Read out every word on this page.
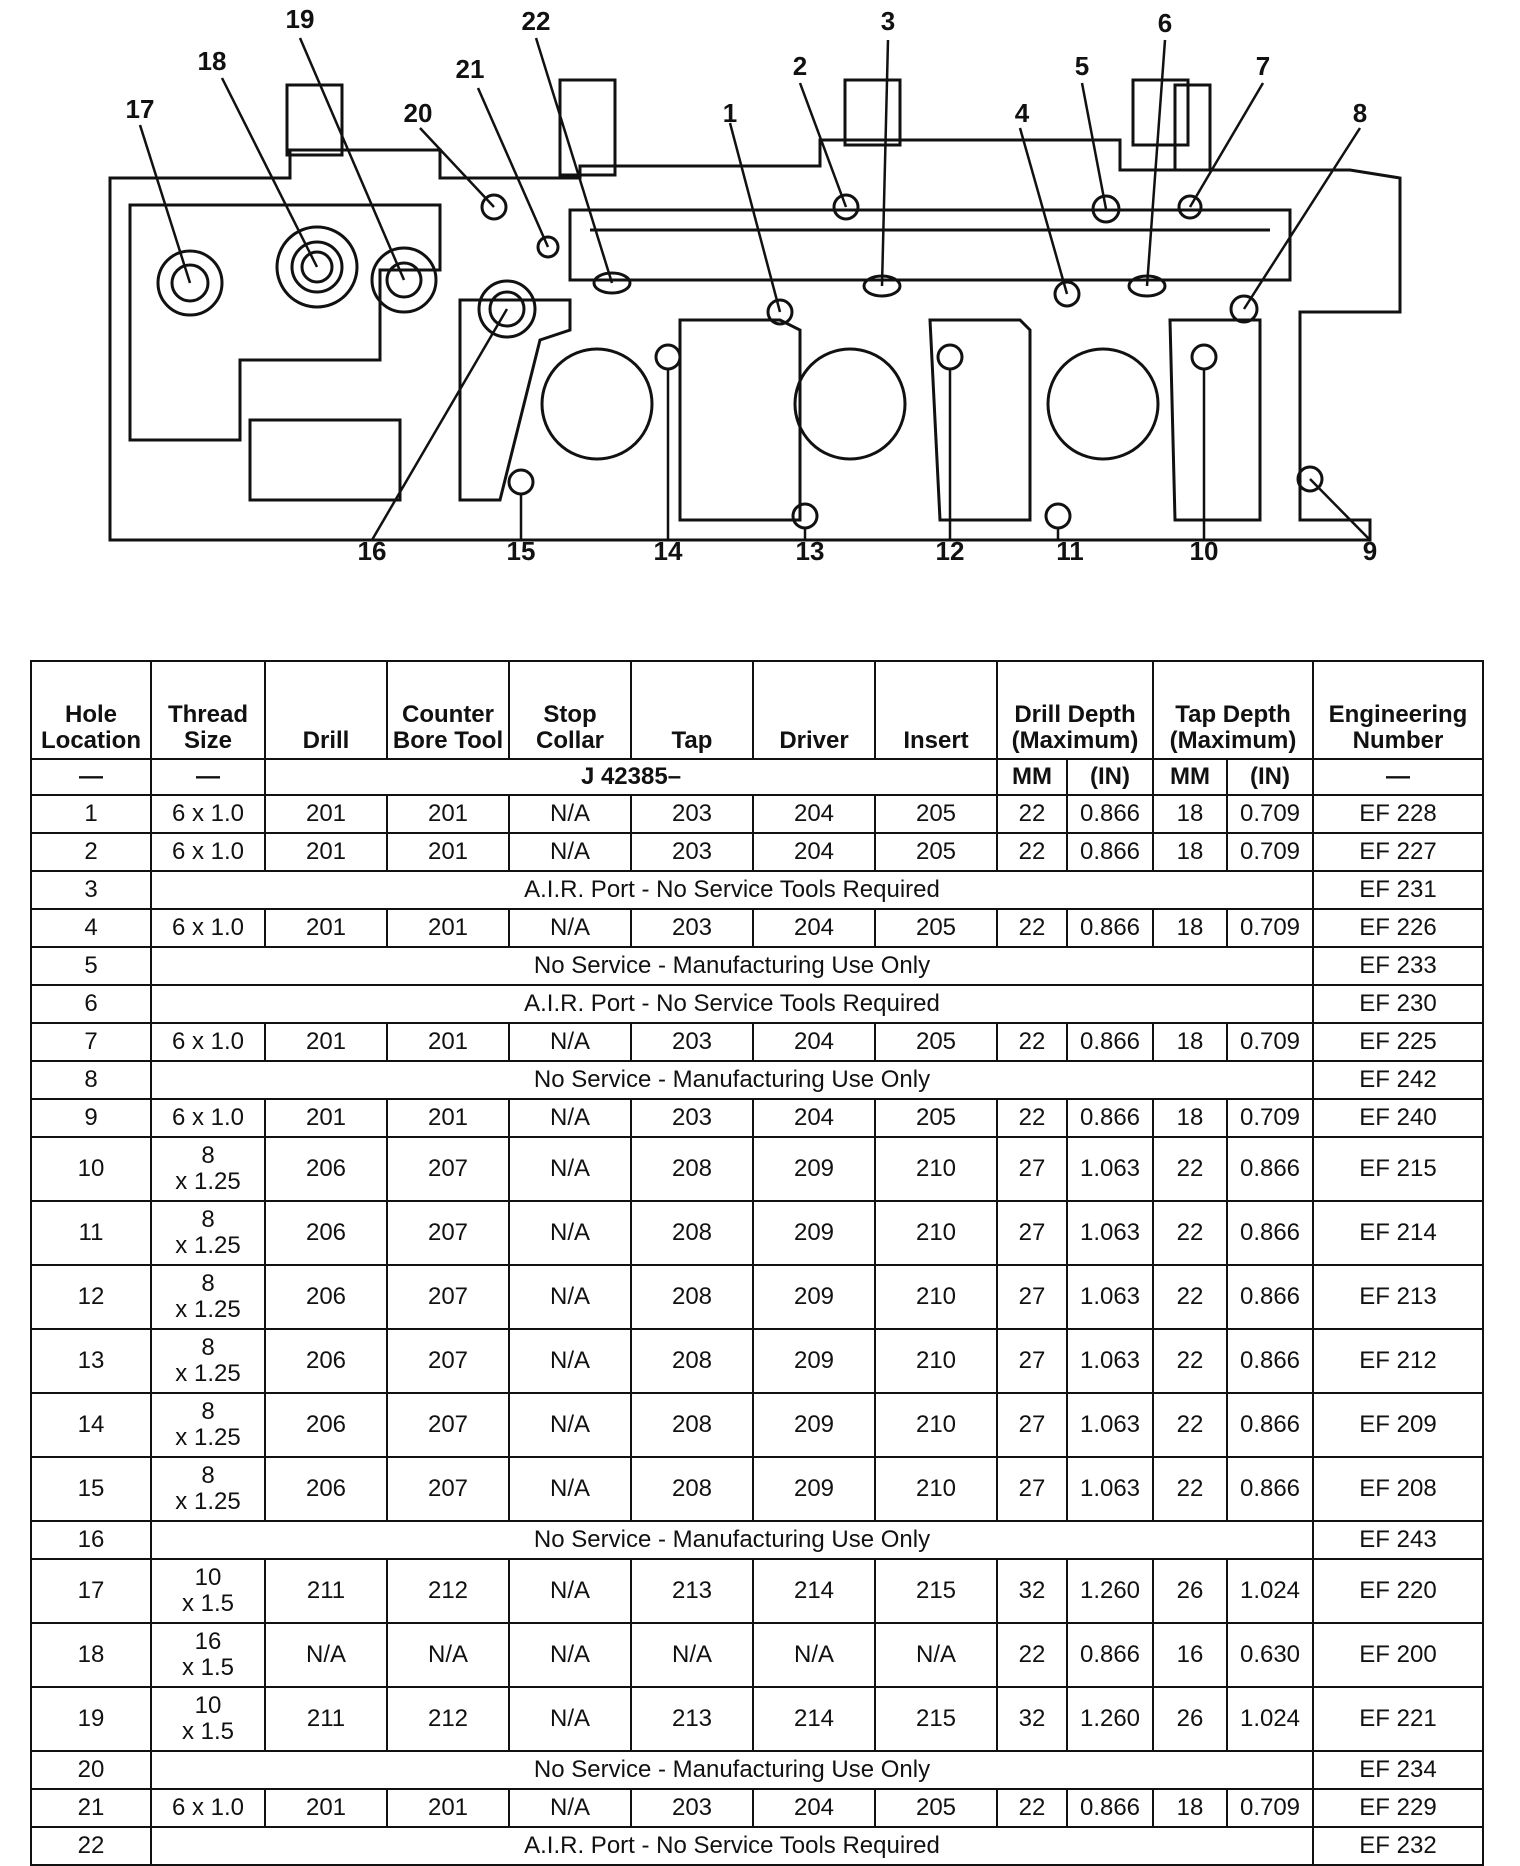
19	22	3	6
18	21	2	5	7
17	20	1	4	8
16	15	14	13	12	11	10	9
Hole Location	Thread Size	Drill	Counter Bore Tool	Stop Collar	Tap	Driver	Insert	Drill Depth (Maximum)		Tap Depth (Maximum)		Engineering Number
—	—	J 42385–						MM	(IN)	MM	(IN)	—
1	6 x 1.0	201	201	N/A	203	204	205	22	0.866	18	0.709	EF 228
2	6 x 1.0	201	201	N/A	203	204	205	22	0.866	18	0.709	EF 227
3	A.I.R. Port - No Service Tools Required											EF 231
4	6 x 1.0	201	201	N/A	203	204	205	22	0.866	18	0.709	EF 226
5	No Service - Manufacturing Use Only											EF 233
6	A.I.R. Port - No Service Tools Required											EF 230
7	6 x 1.0	201	201	N/A	203	204	205	22	0.866	18	0.709	EF 225
8	No Service - Manufacturing Use Only											EF 242
9	6 x 1.0	201	201	N/A	203	204	205	22	0.866	18	0.709	EF 240
10	8
x 1.25	206	207	N/A	208	209	210	27	1.063	22	0.866	EF 215
11	8
x 1.25	206	207	N/A	208	209	210	27	1.063	22	0.866	EF 214
12	8
x 1.25	206	207	N/A	208	209	210	27	1.063	22	0.866	EF 213
13	8
x 1.25	206	207	N/A	208	209	210	27	1.063	22	0.866	EF 212
14	8
x 1.25	206	207	N/A	208	209	210	27	1.063	22	0.866	EF 209
15	8
x 1.25	206	207	N/A	208	209	210	27	1.063	22	0.866	EF 208
16	No Service - Manufacturing Use Only											EF 243
17	10
x 1.5	211	212	N/A	213	214	215	32	1.260	26	1.024	EF 220
18	16
x 1.5	N/A	N/A	N/A	N/A	N/A	N/A	22	0.866	16	0.630	EF 200
19	10
x 1.5	211	212	N/A	213	214	215	32	1.260	26	1.024	EF 221
20	No Service - Manufacturing Use Only											EF 234
21	6 x 1.0	201	201	N/A	203	204	205	22	0.866	18	0.709	EF 229
22	A.I.R. Port - No Service Tools Required											EF 232
